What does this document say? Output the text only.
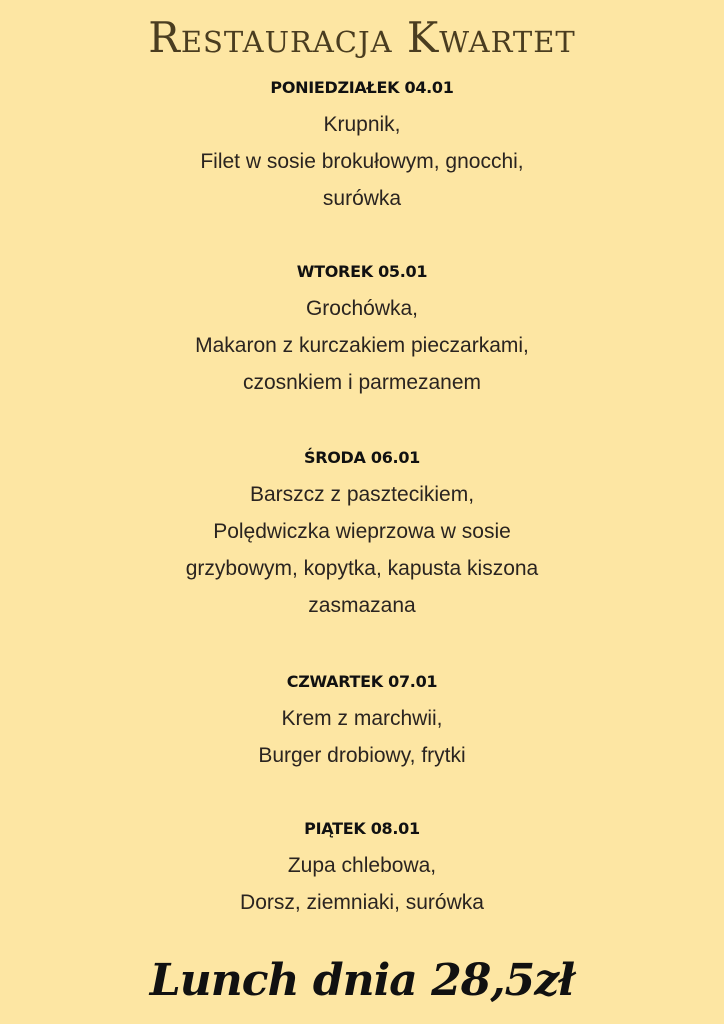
Restauracja Kwartet
PONIEDZIAŁEK 04.01
Krupnik,
Filet w sosie brokułowym, gnocchi,
surówka
WTOREK 05.01
Grochówka,
Makaron z kurczakiem pieczarkami,
czosnkiem i parmezanem
ŚRODA 06.01
Barszcz z pasztecikiem,
Polędwiczka wieprzowa w sosie
grzybowym, kopytka, kapusta kiszona
zasmazana
CZWARTEK 07.01
Krem z marchwii,
Burger drobiowy, frytki
PIĄTEK 08.01
Zupa chlebowa,
Dorsz, ziemniaki, surówka
Lunch dnia 28,5zł
